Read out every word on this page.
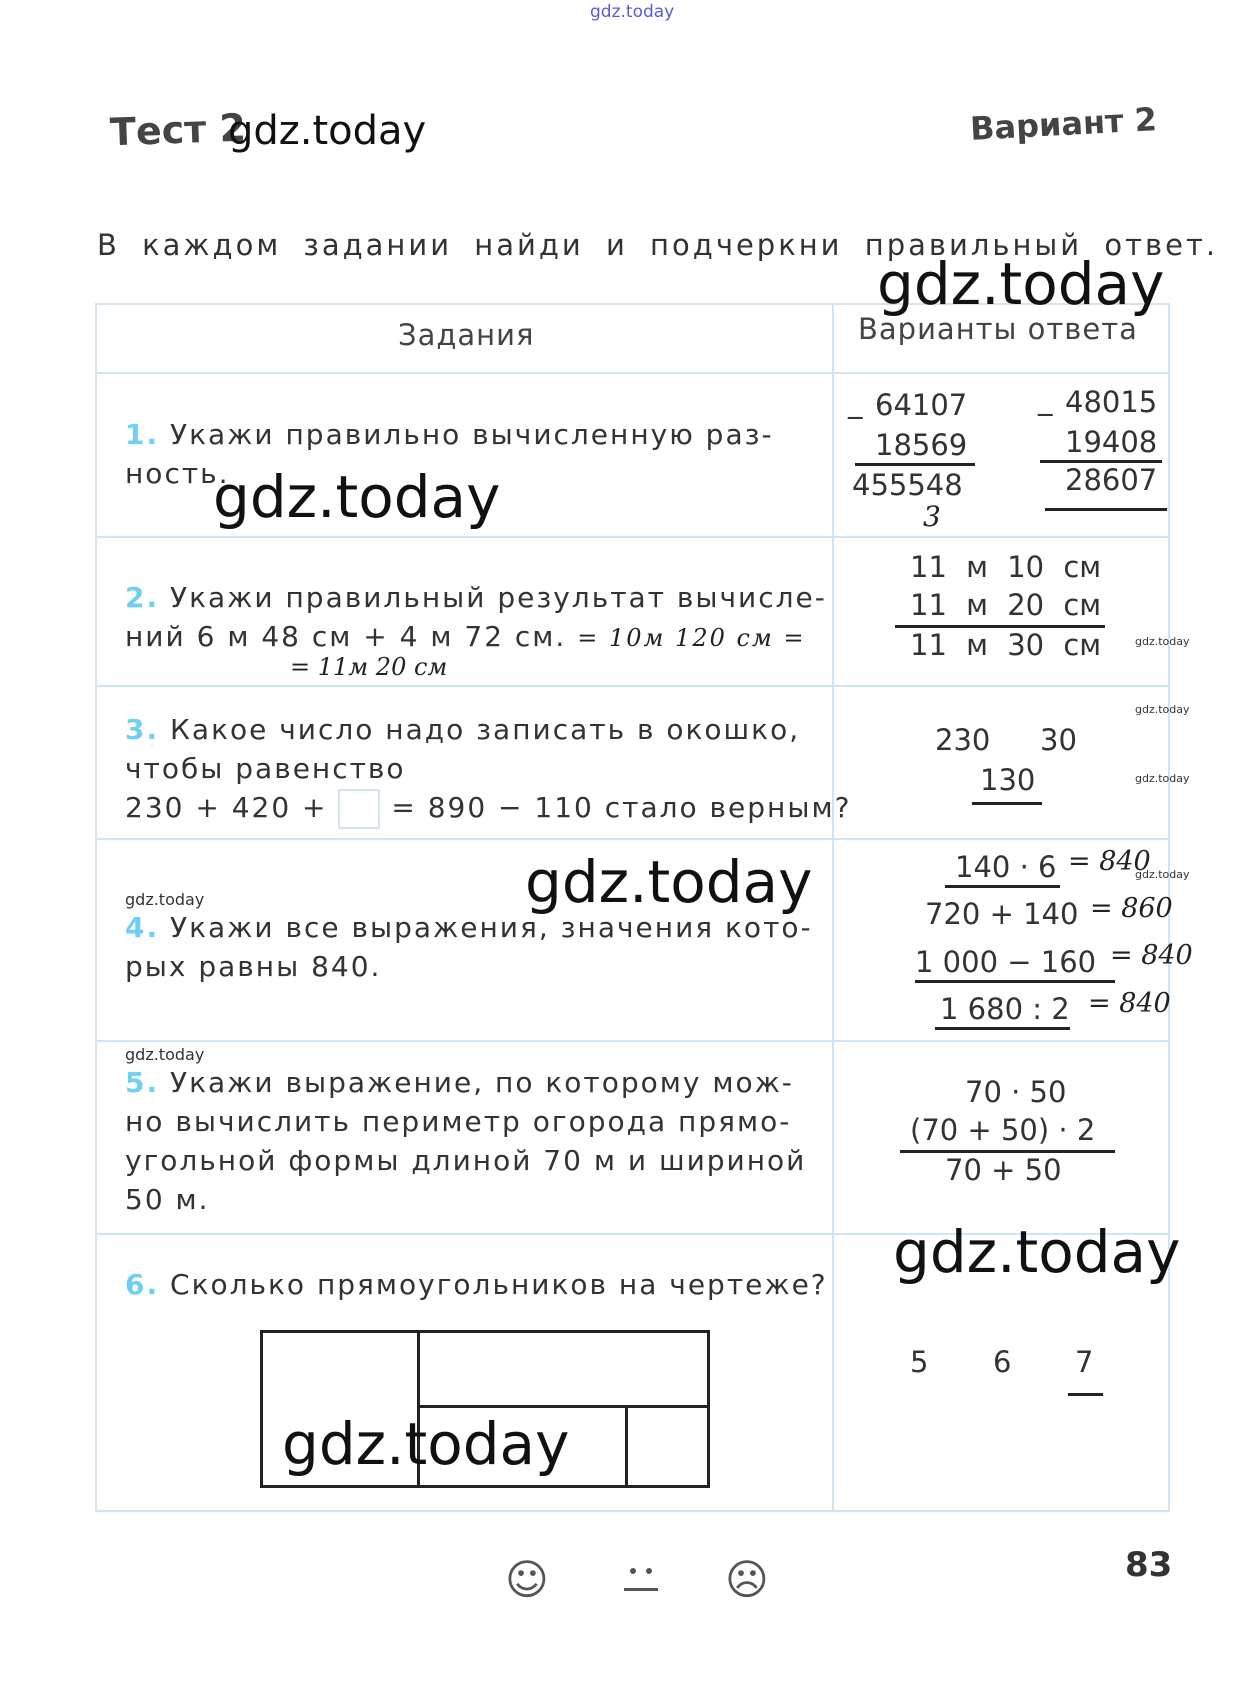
gdz.today
Тест 2
gdz.today	Вариант 2
В каждом задании найди и подчеркни правильный ответ.
Задания	Варианты ответа
gdz.today
1. Укажи правильно вычисленную раз-
ность.
gdz.today
_ 64107
18569
455548
3
_ 48015
19408
28607
2. Укажи правильный результат вычисле-
ний 6 м 48 см + 4 м 72 см. = 10м 120 см =
= 11м 20 см
11 м 10 см
11 м 20 см
11 м 30 см	gdz.today
3. Какое число надо записать в окошко,
чтобы равенство
230 + 420 + = 890 − 110 стало верным?
gdz.today
230 30
130	gdz.today
gdz.today
gdz.today
4. Укажи все выражения, значения кото-
рых равны 840.
140 · 6 = 840
gdz.today
720 + 140 = 860
1 000 − 160 = 840
1 680 : 2 = 840
gdz.today
5. Укажи выражение, по которому мож-
но вычислить периметр огорода прямо-
угольной формы длиной 70 м и шириной
50 м.
70 · 50
(70 + 50) · 2
70 + 50
6. Сколько прямоугольников на чертеже? gdz.today
gdz.today
5 6 7
☺	☹	83
